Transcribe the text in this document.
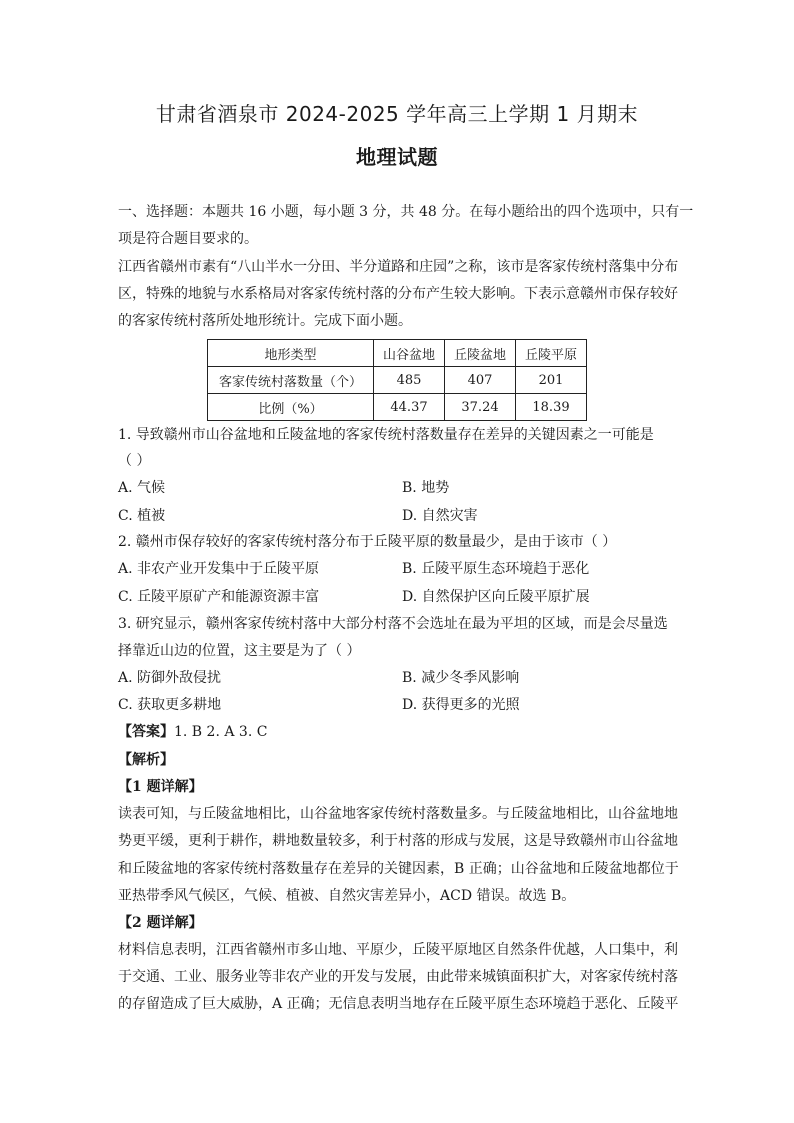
甘肃省酒泉市 2024-2025 学年高三上学期 1 月期末
地理试题
一、选择题：本题共 16 小题，每小题 3 分，共 48 分。在每小题给出的四个选项中，只有一
项是符合题目要求的。
江西省赣州市素有“八山半水一分田、半分道路和庄园”之称，该市是客家传统村落集中分布
区，特殊的地貌与水系格局对客家传统村落的分布产生较大影响。下表示意赣州市保存较好
的客家传统村落所处地形统计。完成下面小题。
地形类型	山谷盆地	丘陵盆地	丘陵平原
客家传统村落数量（个）	485	407	201
比例（%）	44.37	37.24	18.39
1. 导致赣州市山谷盆地和丘陵盆地的客家传统村落数量存在差异的关键因素之一可能是
（ ）
A. 气候	B. 地势
C. 植被	D. 自然灾害
2. 赣州市保存较好的客家传统村落分布于丘陵平原的数量最少，是由于该市（ ）
A. 非农产业开发集中于丘陵平原	B. 丘陵平原生态环境趋于恶化
C. 丘陵平原矿产和能源资源丰富	D. 自然保护区向丘陵平原扩展
3. 研究显示，赣州客家传统村落中大部分村落不会选址在最为平坦的区域，而是会尽量选
择靠近山边的位置，这主要是为了（ ）
A. 防御外敌侵扰	B. 减少冬季风影响
C. 获取更多耕地	D. 获得更多的光照
【答案】1. B 2. A 3. C
【解析】
【1 题详解】
读表可知，与丘陵盆地相比，山谷盆地客家传统村落数量多。与丘陵盆地相比，山谷盆地地
势更平缓，更利于耕作，耕地数量较多，利于村落的形成与发展，这是导致赣州市山谷盆地
和丘陵盆地的客家传统村落数量存在差异的关键因素，B 正确；山谷盆地和丘陵盆地都位于
亚热带季风气候区，气候、植被、自然灾害差异小，ACD 错误。故选 B。
【2 题详解】
材料信息表明，江西省赣州市多山地、平原少，丘陵平原地区自然条件优越，人口集中，利
于交通、工业、服务业等非农产业的开发与发展，由此带来城镇面积扩大，对客家传统村落
的存留造成了巨大威胁，A 正确；无信息表明当地存在丘陵平原生态环境趋于恶化、丘陵平
